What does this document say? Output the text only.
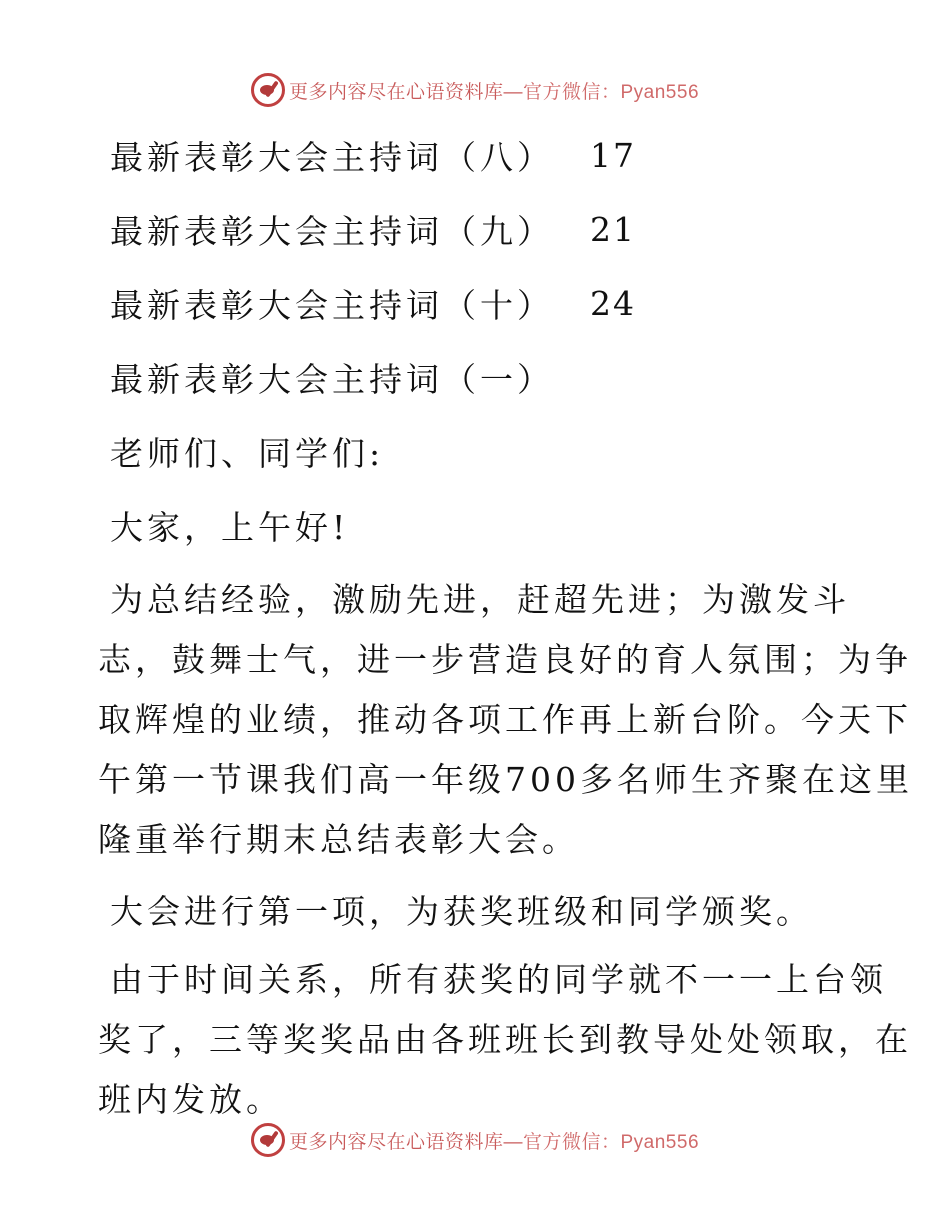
更多内容尽在心语资料库—官方微信：Pyan556
最新表彰大会主持词（八） 17
最新表彰大会主持词（九） 21
最新表彰大会主持词（十） 24
最新表彰大会主持词（一）
老师们、同学们:
大家，上午好!
为总结经验，激励先进，赶超先进；为激发斗
志，鼓舞士气，进一步营造良好的育人氛围；为争
取辉煌的业绩，推动各项工作再上新台阶。今天下
午第一节课我们高一年级700多名师生齐聚在这里
隆重举行期末总结表彰大会。
大会进行第一项，为获奖班级和同学颁奖。
由于时间关系，所有获奖的同学就不一一上台领
奖了，三等奖奖品由各班班长到教导处处领取，在
班内发放。
更多内容尽在心语资料库—官方微信：Pyan556
